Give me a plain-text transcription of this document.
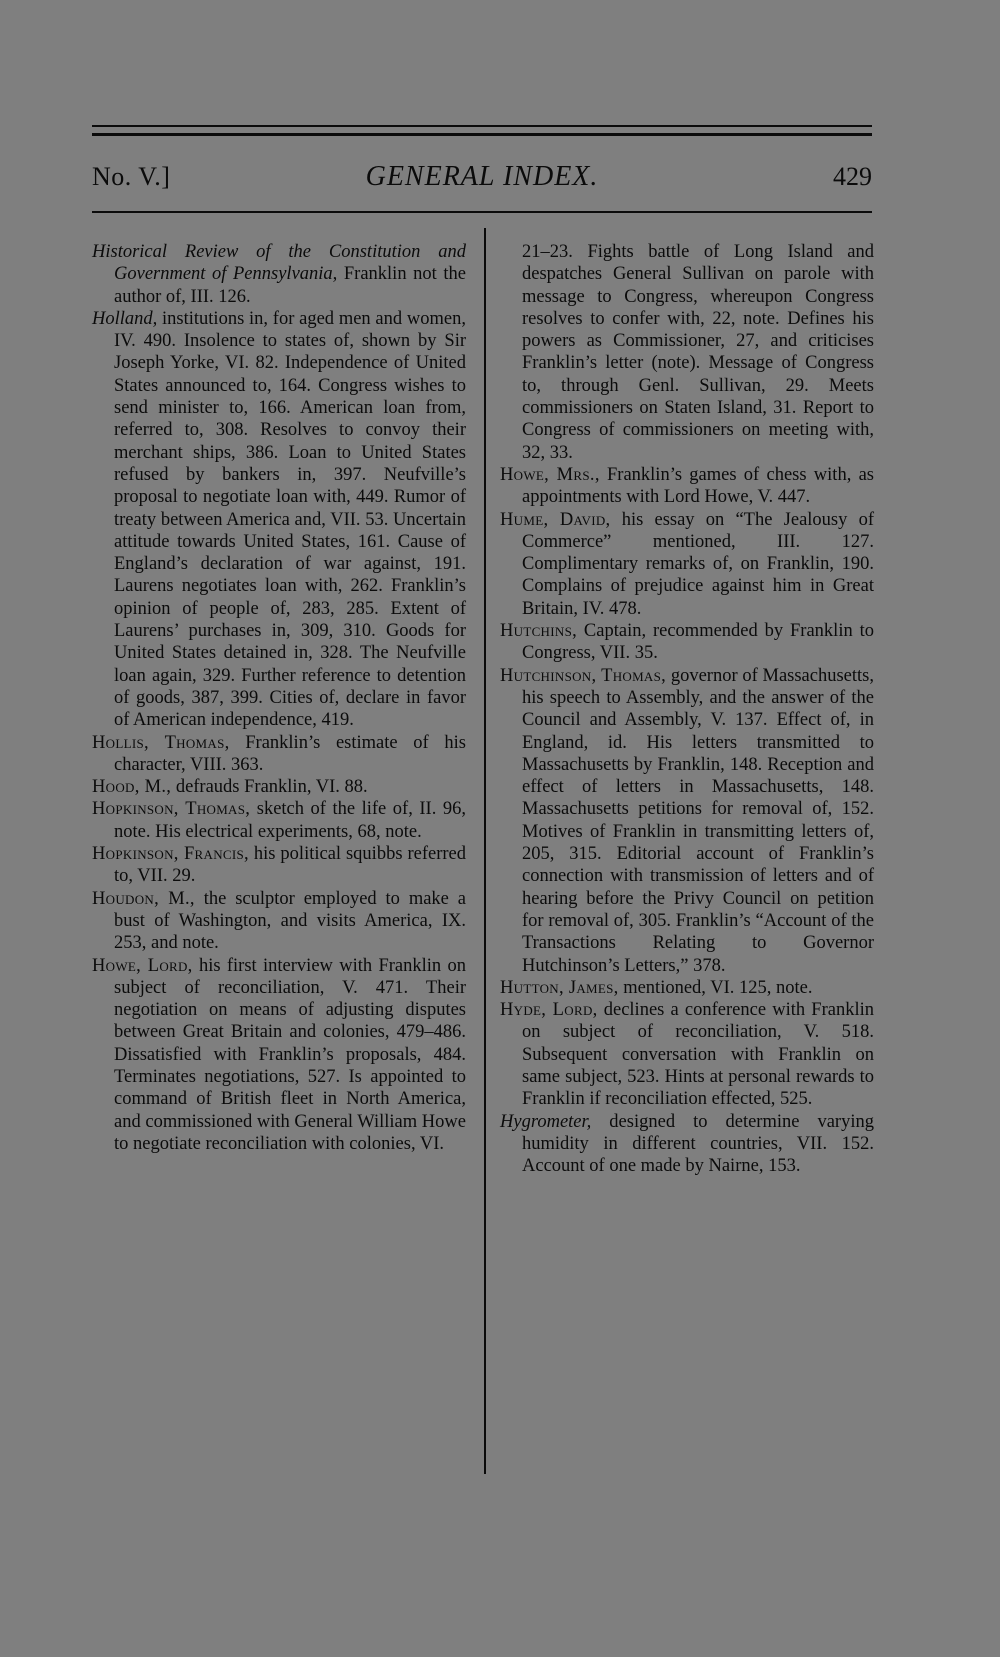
No. V.]	GENERAL INDEX.	429

Historical Review of the Constitution and Government of Pennsylvania, Franklin not the author of, III. 126.

Holland, institutions in, for aged men and women, IV. 490. Insolence to states of, shown by Sir Joseph Yorke, VI. 82. Independence of United States announced to, 164. Congress wishes to send minister to, 166. American loan from, referred to, 308. Resolves to convoy their merchant ships, 386. Loan to United States refused by bankers in, 397. Neufville’s proposal to negotiate loan with, 449. Rumor of treaty between America and, VII. 53. Uncertain attitude towards United States, 161. Cause of England’s declaration of war against, 191. Laurens negotiates loan with, 262. Franklin’s opinion of people of, 283, 285. Extent of Laurens’ purchases in, 309, 310. Goods for United States detained in, 328. The Neufville loan again, 329. Further reference to detention of goods, 387, 399. Cities of, declare in favor of American independence, 419.

Hollis, Thomas, Franklin’s estimate of his character, VIII. 363.

Hood, M., defrauds Franklin, VI. 88.

Hopkinson, Thomas, sketch of the life of, II. 96, note. His electrical experiments, 68, note.

Hopkinson, Francis, his political squibbs referred to, VII. 29.

Houdon, M., the sculptor employed to make a bust of Washington, and visits America, IX. 253, and note.

Howe, Lord, his first interview with Franklin on subject of reconciliation, V. 471. Their negotiation on means of adjusting disputes between Great Britain and colonies, 479–486. Dissatisfied with Franklin’s proposals, 484. Terminates negotiations, 527. Is appointed to command of British fleet in North America, and commissioned with General William Howe to negotiate reconciliation with colonies, VI.

21–23. Fights battle of Long Island and despatches General Sullivan on parole with message to Congress, whereupon Congress resolves to confer with, 22, note. Defines his powers as Commissioner, 27, and criticises Franklin’s letter (note). Message of Congress to, through Genl. Sullivan, 29. Meets commissioners on Staten Island, 31. Report to Congress of commissioners on meeting with, 32, 33.

Howe, Mrs., Franklin’s games of chess with, as appointments with Lord Howe, V. 447.

Hume, David, his essay on “The Jealousy of Commerce” mentioned, III. 127. Complimentary remarks of, on Franklin, 190. Complains of prejudice against him in Great Britain, IV. 478.

Hutchins, Captain, recommended by Franklin to Congress, VII. 35.

Hutchinson, Thomas, governor of Massachusetts, his speech to Assembly, and the answer of the Council and Assembly, V. 137. Effect of, in England, id. His letters transmitted to Massachusetts by Franklin, 148. Reception and effect of letters in Massachusetts, 148. Massachusetts petitions for removal of, 152. Motives of Franklin in transmitting letters of, 205, 315. Editorial account of Franklin’s connection with transmission of letters and of hearing before the Privy Council on petition for removal of, 305. Franklin’s “Account of the Transactions Relating to Governor Hutchinson’s Letters,” 378.

Hutton, James, mentioned, VI. 125, note.

Hyde, Lord, declines a conference with Franklin on subject of reconciliation, V. 518. Subsequent conversation with Franklin on same subject, 523. Hints at personal rewards to Franklin if reconciliation effected, 525.

Hygrometer, designed to determine varying humidity in different countries, VII. 152. Account of one made by Nairne, 153.
